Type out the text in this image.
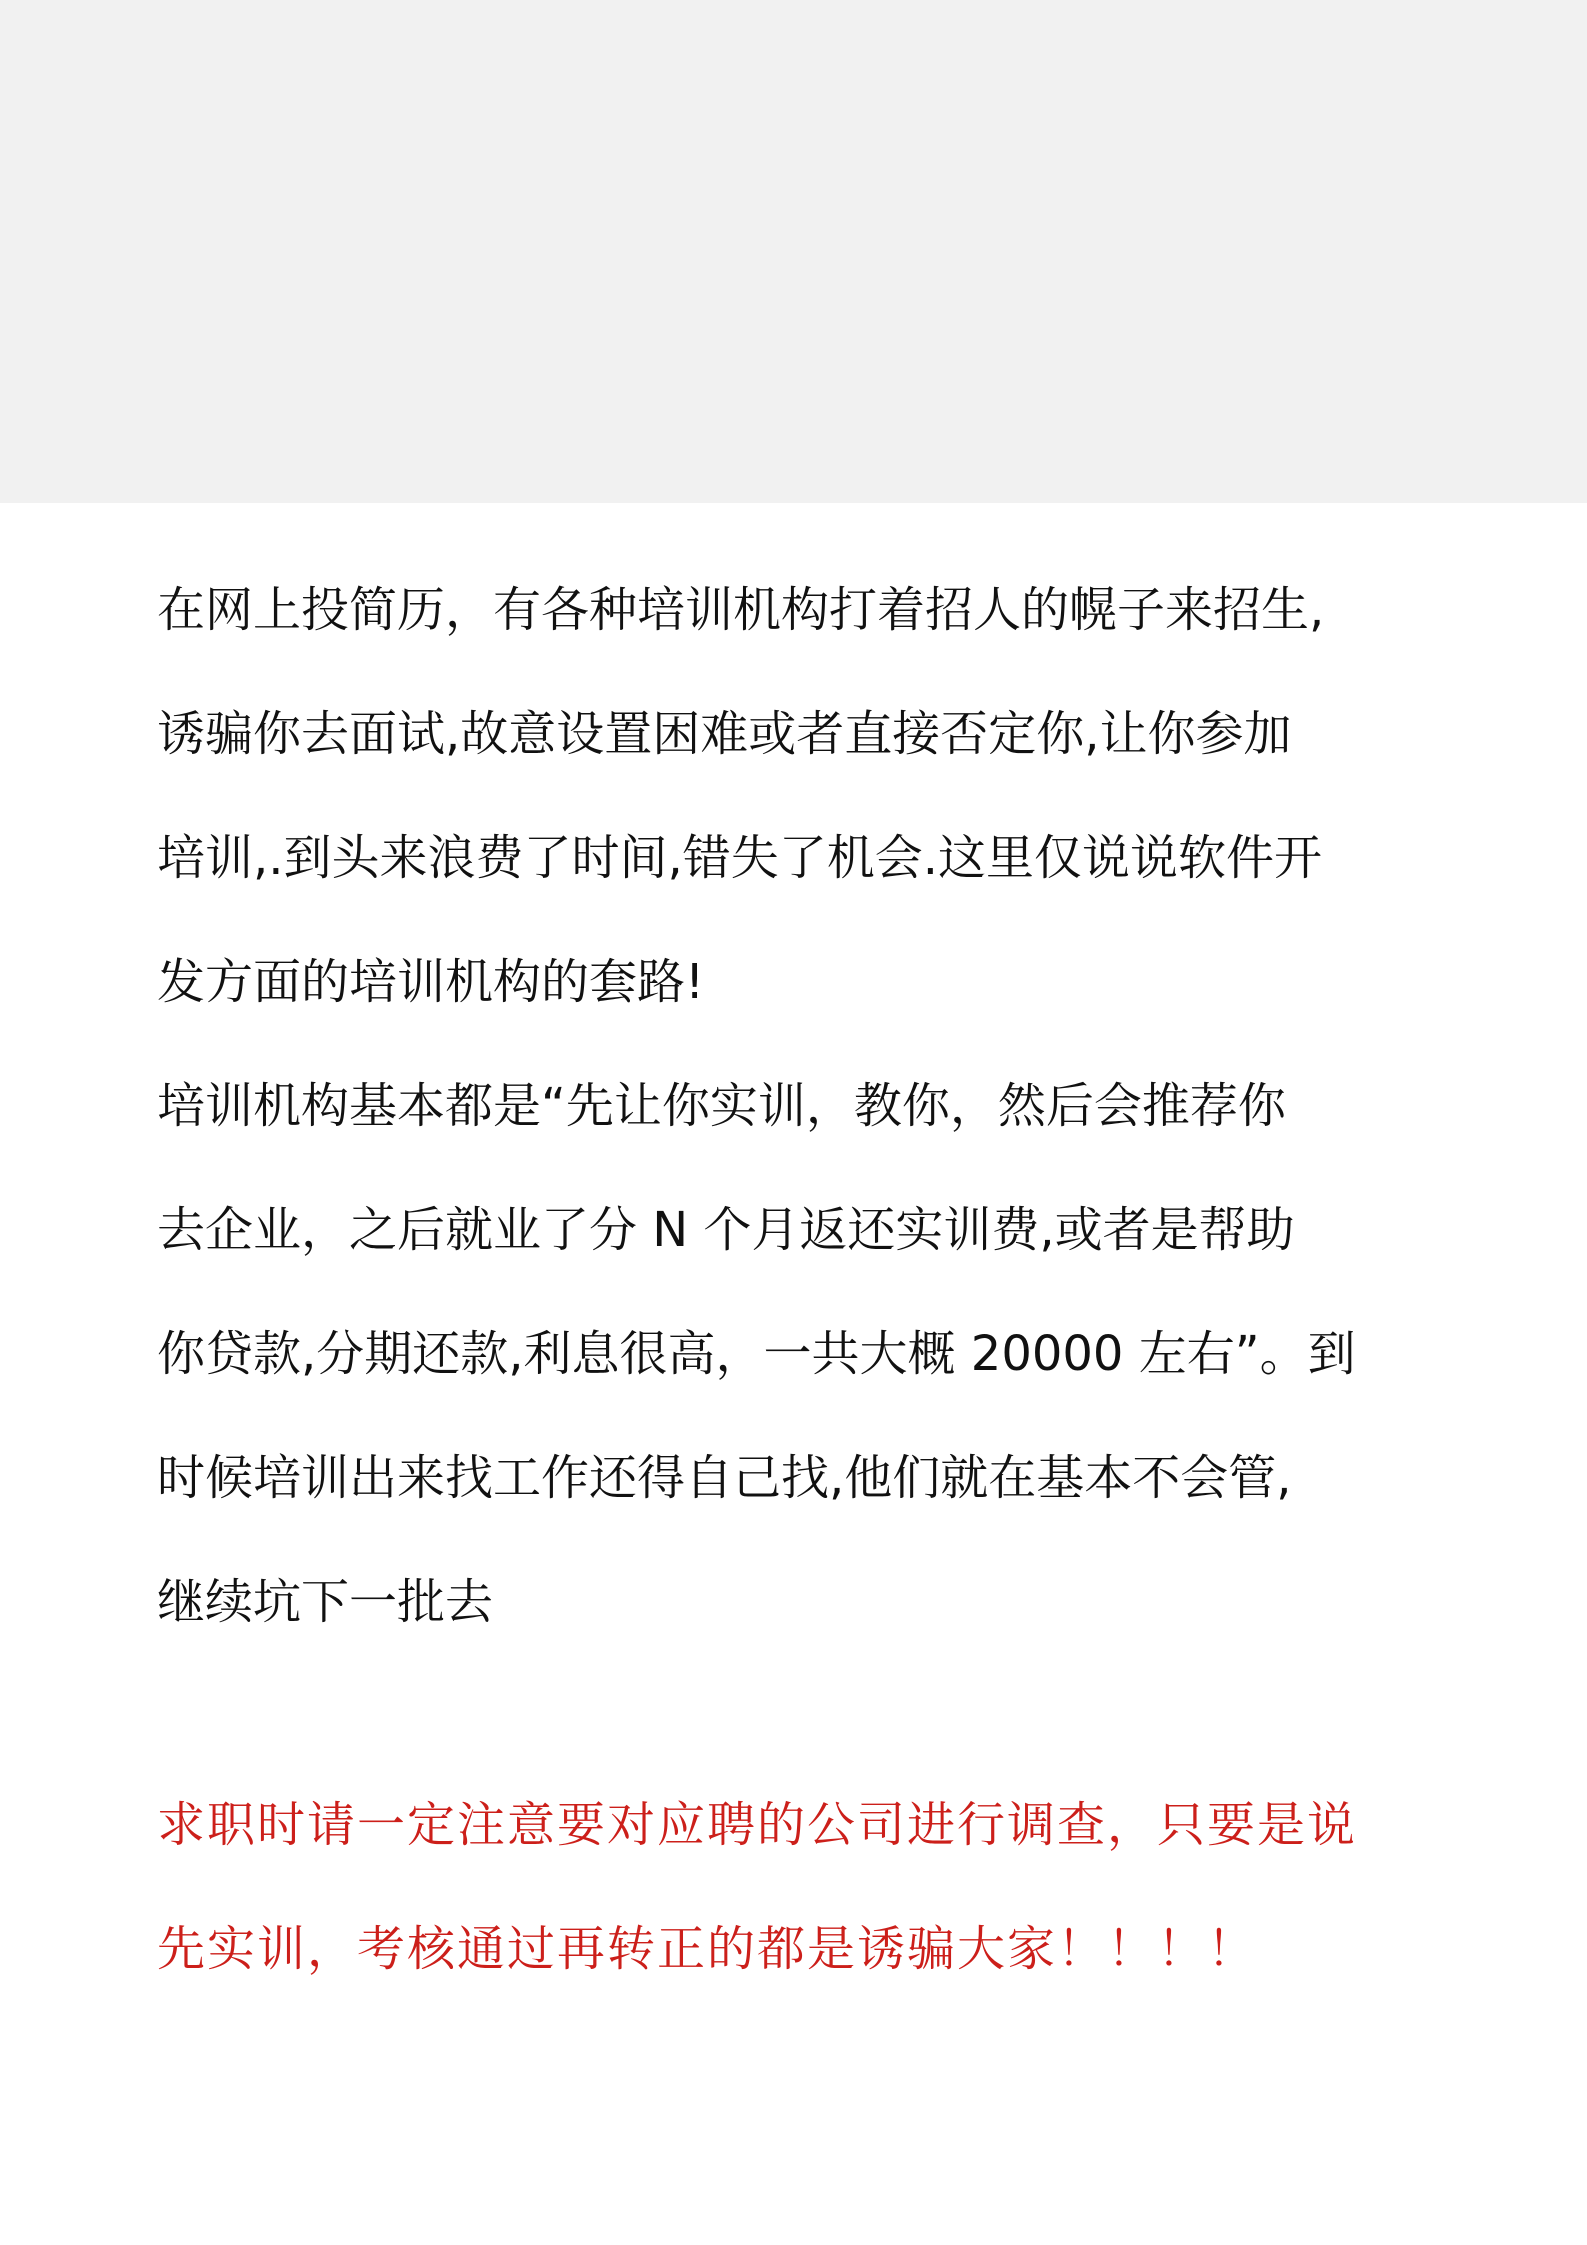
在网上投简历，有各种培训机构打着招人的幌子来招生,
诱骗你去面试,故意设置困难或者直接否定你,让你参加
培训,.到头来浪费了时间,错失了机会.这里仅说说软件开
发方面的培训机构的套路!
培训机构基本都是“先让你实训，教你，然后会推荐你
去企业，之后就业了分 N 个月返还实训费,或者是帮助
你贷款,分期还款,利息很高，一共大概 20000 左右”。到
时候培训出来找工作还得自己找,他们就在基本不会管,
继续坑下一批去
求职时请一定注意要对应聘的公司进行调查，只要是说
先实训，考核通过再转正的都是诱骗大家！！！！
